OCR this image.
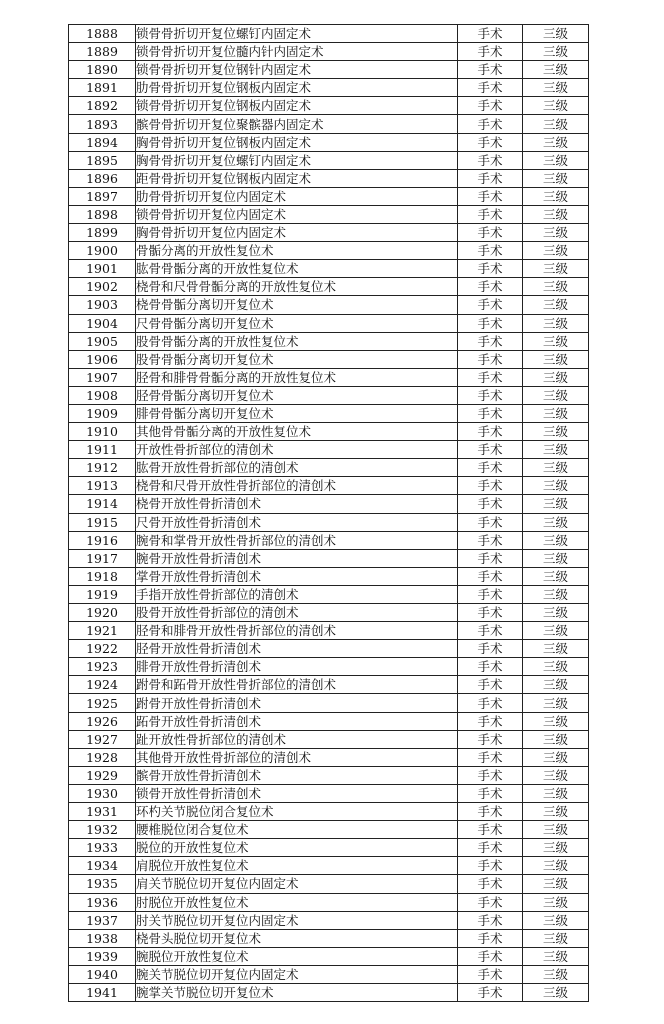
1888	锁骨骨折切开复位螺钉内固定术	手术	三级
1889	锁骨骨折切开复位髓内针内固定术	手术	三级
1890	锁骨骨折切开复位钢针内固定术	手术	三级
1891	肋骨骨折切开复位钢板内固定术	手术	三级
1892	锁骨骨折切开复位钢板内固定术	手术	三级
1893	髌骨骨折切开复位聚髌器内固定术	手术	三级
1894	胸骨骨折切开复位钢板内固定术	手术	三级
1895	胸骨骨折切开复位螺钉内固定术	手术	三级
1896	距骨骨折切开复位钢板内固定术	手术	三级
1897	肋骨骨折切开复位内固定术	手术	三级
1898	锁骨骨折切开复位内固定术	手术	三级
1899	胸骨骨折切开复位内固定术	手术	三级
1900	骨骺分离的开放性复位术	手术	三级
1901	肱骨骨骺分离的开放性复位术	手术	三级
1902	桡骨和尺骨骨骺分离的开放性复位术	手术	三级
1903	桡骨骨骺分离切开复位术	手术	三级
1904	尺骨骨骺分离切开复位术	手术	三级
1905	股骨骨骺分离的开放性复位术	手术	三级
1906	股骨骨骺分离切开复位术	手术	三级
1907	胫骨和腓骨骨骺分离的开放性复位术	手术	三级
1908	胫骨骨骺分离切开复位术	手术	三级
1909	腓骨骨骺分离切开复位术	手术	三级
1910	其他骨骨骺分离的开放性复位术	手术	三级
1911	开放性骨折部位的清创术	手术	三级
1912	肱骨开放性骨折部位的清创术	手术	三级
1913	桡骨和尺骨开放性骨折部位的清创术	手术	三级
1914	桡骨开放性骨折清创术	手术	三级
1915	尺骨开放性骨折清创术	手术	三级
1916	腕骨和掌骨开放性骨折部位的清创术	手术	三级
1917	腕骨开放性骨折清创术	手术	三级
1918	掌骨开放性骨折清创术	手术	三级
1919	手指开放性骨折部位的清创术	手术	三级
1920	股骨开放性骨折部位的清创术	手术	三级
1921	胫骨和腓骨开放性骨折部位的清创术	手术	三级
1922	胫骨开放性骨折清创术	手术	三级
1923	腓骨开放性骨折清创术	手术	三级
1924	跗骨和跖骨开放性骨折部位的清创术	手术	三级
1925	跗骨开放性骨折清创术	手术	三级
1926	跖骨开放性骨折清创术	手术	三级
1927	趾开放性骨折部位的清创术	手术	三级
1928	其他骨开放性骨折部位的清创术	手术	三级
1929	髌骨开放性骨折清创术	手术	三级
1930	锁骨开放性骨折清创术	手术	三级
1931	环杓关节脱位闭合复位术	手术	三级
1932	腰椎脱位闭合复位术	手术	三级
1933	脱位的开放性复位术	手术	三级
1934	肩脱位开放性复位术	手术	三级
1935	肩关节脱位切开复位内固定术	手术	三级
1936	肘脱位开放性复位术	手术	三级
1937	肘关节脱位切开复位内固定术	手术	三级
1938	桡骨头脱位切开复位术	手术	三级
1939	腕脱位开放性复位术	手术	三级
1940	腕关节脱位切开复位内固定术	手术	三级
1941	腕掌关节脱位切开复位术	手术	三级
